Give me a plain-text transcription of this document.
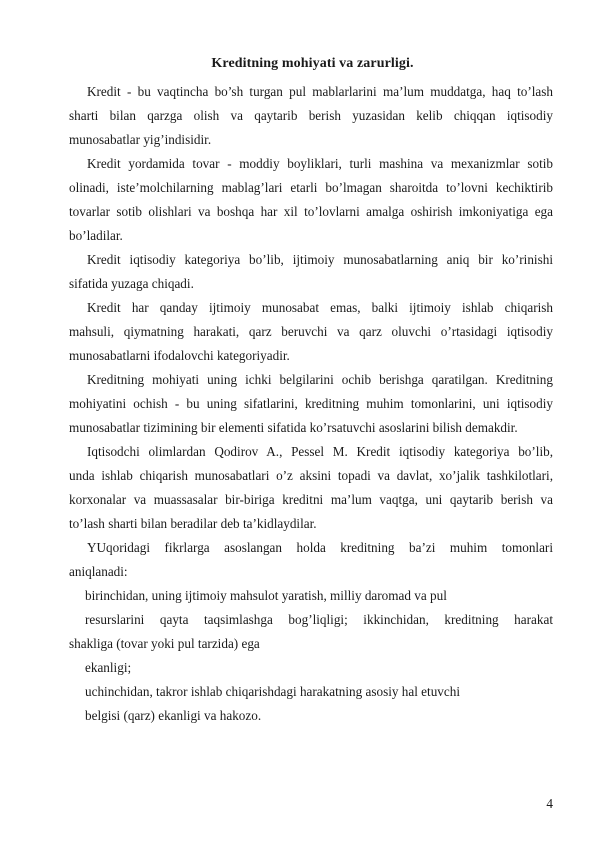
Kreditning mohiyati va zarurligi.
Kredit - bu vaqtincha bo’sh turgan pul mablarlarini ma’lum muddatga, haq to’lash
sharti bilan qarzga olish va qaytarib berish yuzasidan kelib chiqqan iqtisodiy
munosabatlar yig’indisidir.
Kredit yordamida tovar - moddiy boyliklari, turli mashina va mexanizmlar sotib
olinadi, iste’molchilarning mablag’lari etarli bo’lmagan sharoitda to’lovni kechiktirib
tovarlar sotib olishlari va boshqa har xil to’lovlarni amalga oshirish imkoniyatiga ega
bo’ladilar.
Kredit iqtisodiy kategoriya bo’lib, ijtimoiy munosabatlarning aniq bir ko’rinishi
sifatida yuzaga chiqadi.
Kredit har qanday ijtimoiy munosabat emas, balki ijtimoiy ishlab chiqarish
mahsuli, qiymatning harakati, qarz beruvchi va qarz oluvchi o’rtasidagi iqtisodiy
munosabatlarni ifodalovchi kategoriyadir.
Kreditning mohiyati uning ichki belgilarini ochib berishga qaratilgan. Kreditning
mohiyatini ochish - bu uning sifatlarini, kreditning muhim tomonlarini, uni iqtisodiy
munosabatlar tizimining bir elementi sifatida ko’rsatuvchi asoslarini bilish demakdir.
Iqtisodchi olimlardan Qodirov A., Pessel M. Kredit iqtisodiy kategoriya bo’lib,
unda ishlab chiqarish munosabatlari o’z aksini topadi va davlat, xo’jalik tashkilotlari,
korxonalar va muassasalar bir-biriga kreditni ma’lum vaqtga, uni qaytarib berish va
to’lash sharti bilan beradilar deb ta’kidlaydilar.
YUqoridagi fikrlarga asoslangan holda kreditning ba’zi muhim tomonlari
aniqlanadi:
birinchidan, uning ijtimoiy mahsulot yaratish, milliy daromad va pul
resurslarini qayta taqsimlashga bog’liqligi; ikkinchidan, kreditning harakat
shakliga (tovar yoki pul tarzida) ega
ekanligi;
uchinchidan, takror ishlab chiqarishdagi harakatning asosiy hal etuvchi
belgisi (qarz) ekanligi va hakozo.
4
